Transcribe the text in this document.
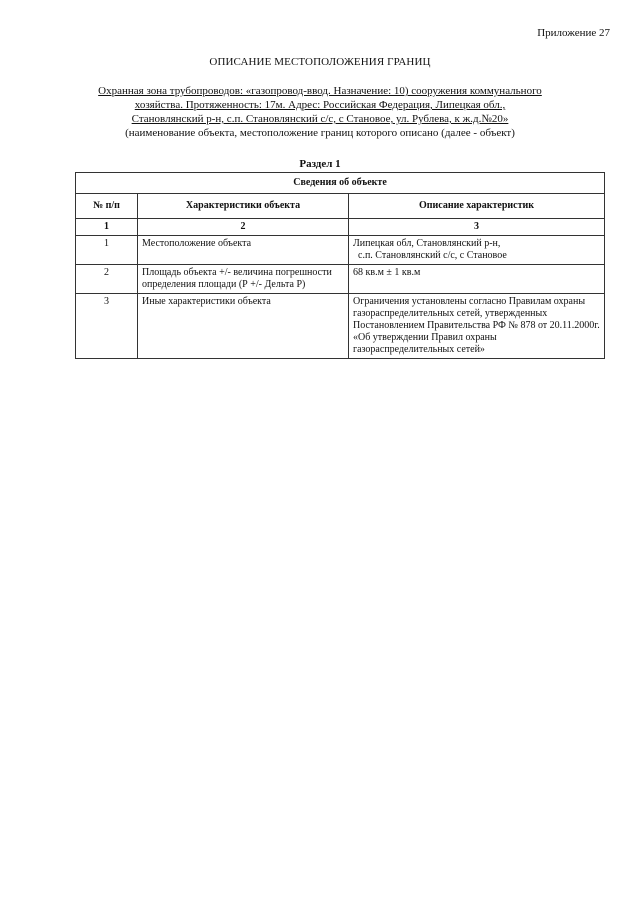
Приложение 27
ОПИСАНИЕ МЕСТОПОЛОЖЕНИЯ ГРАНИЦ
Охранная зона трубопроводов: «газопровод-ввод. Назначение: 10) сооружения коммунального
хозяйства. Протяженность: 17м. Адрес: Российская Федерация, Липецкая обл.,
Становлянский р-н, с.п. Становлянский с/с, с Становое, ул. Рублева, к ж.д.№20»
(наименование объекта, местоположение границ которого описано (далее - объект)
Раздел 1
Сведения об объекте		
№ п/п	Характеристики объекта	Описание характеристик
1	2	3
1	Местоположение объекта	Липецкая обл, Становлянский р-н,

с.п. Становлянский с/с, с Становое

2	Площадь объекта +/- величина погрешности определения площади (Р +/- Дельта Р)	68 кв.м ± 1 кв.м
3	Иные характеристики объекта	Ограничения установлены согласно Правилам охраны газораспределительных сетей, утвержденных Постановлением Правительства РФ № 878 от 20.11.2000г. «Об утверждении Правил охраны газораспределительных сетей»
